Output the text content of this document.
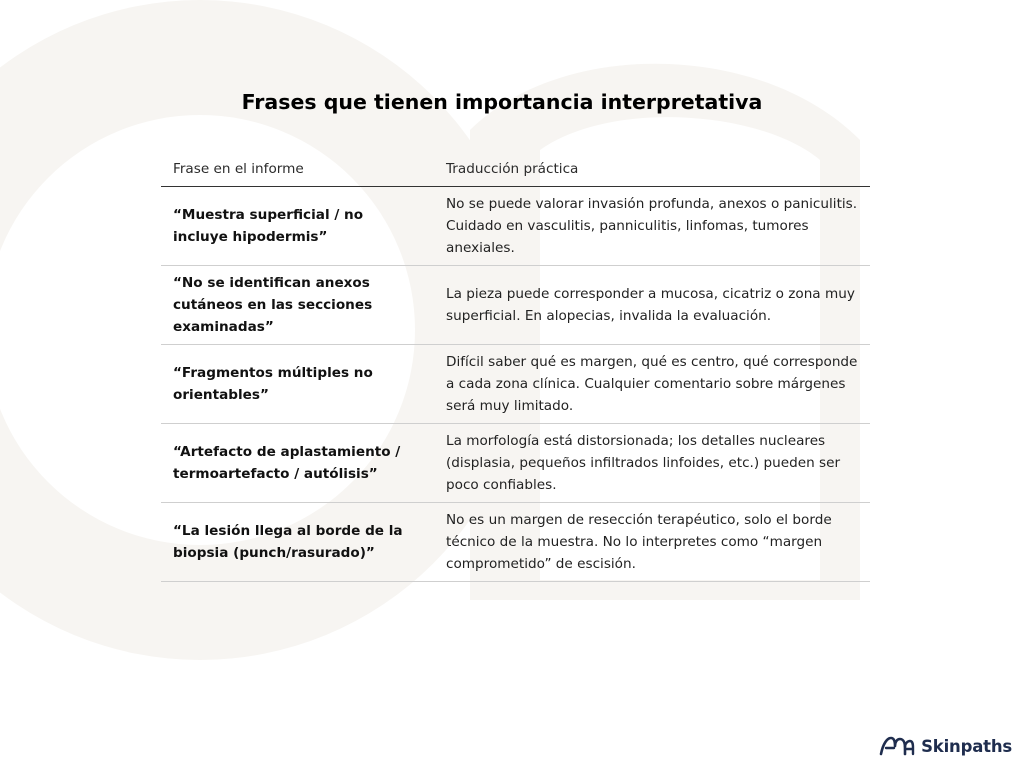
Frases que tienen importancia interpretativa
Frase en el informe	Traducción práctica
“Muestra superficial / no incluye hipodermis”	No se puede valorar invasión profunda, anexos o paniculitis. Cuidado en vasculitis, panniculitis, linfomas, tumores anexiales.
“No se identifican anexos cutáneos en las secciones examinadas”	La pieza puede corresponder a mucosa, cicatriz o zona muy superficial. En alopecias, invalida la evaluación.
“Fragmentos múltiples no orientables”	Difícil saber qué es margen, qué es centro, qué corresponde a cada zona clínica. Cualquier comentario sobre márgenes será muy limitado.
“Artefacto de aplastamiento / termoartefacto / autólisis”	La morfología está distorsionada; los detalles nucleares (displasia, pequeños infiltrados linfoides, etc.) pueden ser poco confiables.
“La lesión llega al borde de la biopsia (punch/rasurado)”	No es un margen de resección terapéutico, solo el borde técnico de la muestra. No lo interpretes como “margen comprometido” de escisión.
Skinpaths
